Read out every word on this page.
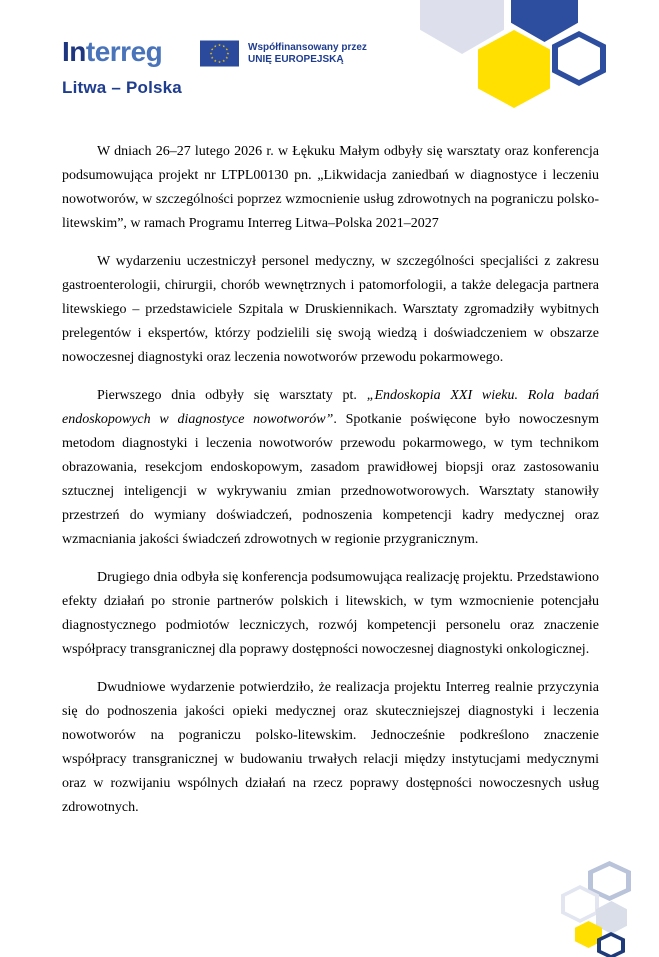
Interreg
Litwa – Polska
Współfinansowany przez
UNIĘ EUROPEJSKĄ

W dniach 26–27 lutego 2026 r. w Łękuku Małym odbyły się warsztaty oraz konferencja podsumowująca projekt nr LTPL00130 pn. „Likwidacja zaniedbań w diagnostyce i leczeniu nowotworów, w szczególności poprzez wzmocnienie usług zdrowotnych na pograniczu polsko-litewskim”, w ramach Programu Interreg Litwa–Polska 2021–2027

W wydarzeniu uczestniczył personel medyczny, w szczególności specjaliści z zakresu gastroenterologii, chirurgii, chorób wewnętrznych i patomorfologii, a także delegacja partnera litewskiego – przedstawiciele Szpitala w Druskiennikach. Warsztaty zgromadziły wybitnych prelegentów i ekspertów, którzy podzielili się swoją wiedzą i doświadczeniem w obszarze nowoczesnej diagnostyki oraz leczenia nowotworów przewodu pokarmowego.

Pierwszego dnia odbyły się warsztaty pt. „Endoskopia XXI wieku. Rola badań endoskopowych w diagnostyce nowotworów”. Spotkanie poświęcone było nowoczesnym metodom diagnostyki i leczenia nowotworów przewodu pokarmowego, w tym technikom obrazowania, resekcjom endoskopowym, zasadom prawidłowej biopsji oraz zastosowaniu sztucznej inteligencji w wykrywaniu zmian przednowotworowych. Warsztaty stanowiły przestrzeń do wymiany doświadczeń, podnoszenia kompetencji kadry medycznej oraz wzmacniania jakości świadczeń zdrowotnych w regionie przygranicznym.

Drugiego dnia odbyła się konferencja podsumowująca realizację projektu. Przedstawiono efekty działań po stronie partnerów polskich i litewskich, w tym wzmocnienie potencjału diagnostycznego podmiotów leczniczych, rozwój kompetencji personelu oraz znaczenie współpracy transgranicznej dla poprawy dostępności nowoczesnej diagnostyki onkologicznej.

Dwudniowe wydarzenie potwierdziło, że realizacja projektu Interreg realnie przyczynia się do podnoszenia jakości opieki medycznej oraz skuteczniejszej diagnostyki i leczenia nowotworów na pograniczu polsko-litewskim. Jednocześnie podkreślono znaczenie współpracy transgranicznej w budowaniu trwałych relacji między instytucjami medycznymi oraz w rozwijaniu wspólnych działań na rzecz poprawy dostępności nowoczesnych usług zdrowotnych.
